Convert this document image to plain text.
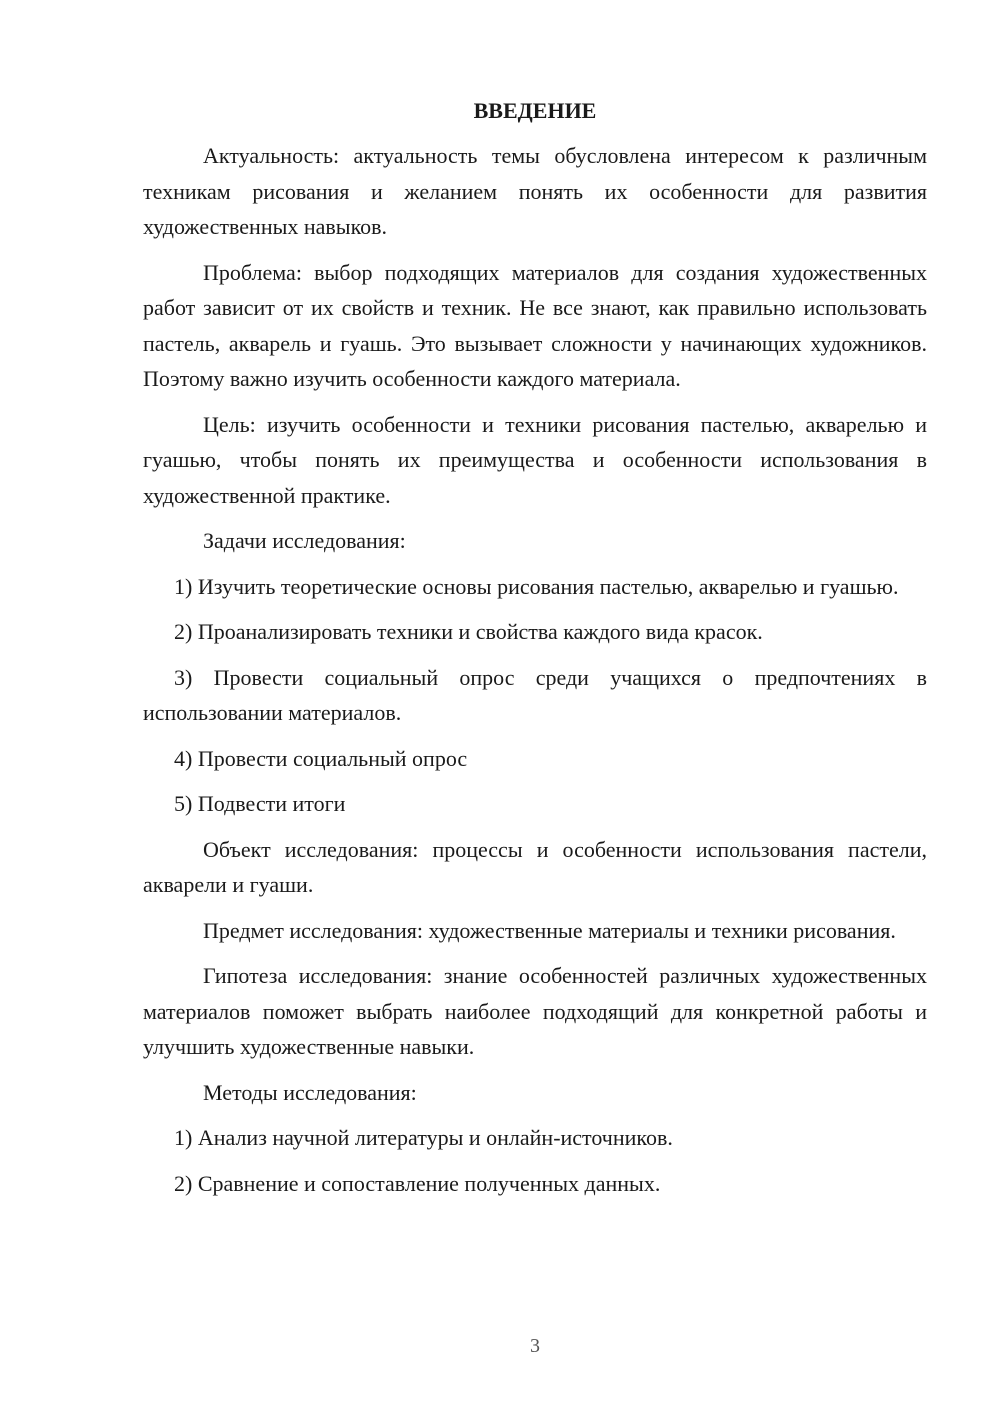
ВВЕДЕНИЕ

Актуальность: актуальность темы обусловлена интересом к различным техникам рисования и желанием понять их особенности для развития художественных навыков.

Проблема: выбор подходящих материалов для создания художественных работ зависит от их свойств и техник. Не все знают, как правильно использовать пастель, акварель и гуашь. Это вызывает сложности у начинающих художников. Поэтому важно изучить особенности каждого материала.

Цель: изучить особенности и техники рисования пастелью, акварелью и гуашью, чтобы понять их преимущества и особенности использования в художественной практике.

Задачи исследования:

1) Изучить теоретические основы рисования пастелью, акварелью и гуашью.

2) Проанализировать техники и свойства каждого вида красок.

3) Провести социальный опрос среди учащихся о предпочтениях в использовании материалов.

4) Провести социальный опрос

5) Подвести итоги

Объект исследования: процессы и особенности использования пастели, акварели и гуаши.

Предмет исследования: художественные материалы и техники рисования.

Гипотеза исследования: знание особенностей различных художественных материалов поможет выбрать наиболее подходящий для конкретной работы и улучшить художественные навыки.

Методы исследования:

1) Анализ научной литературы и онлайн-источников.

2) Сравнение и сопоставление полученных данных.

3
